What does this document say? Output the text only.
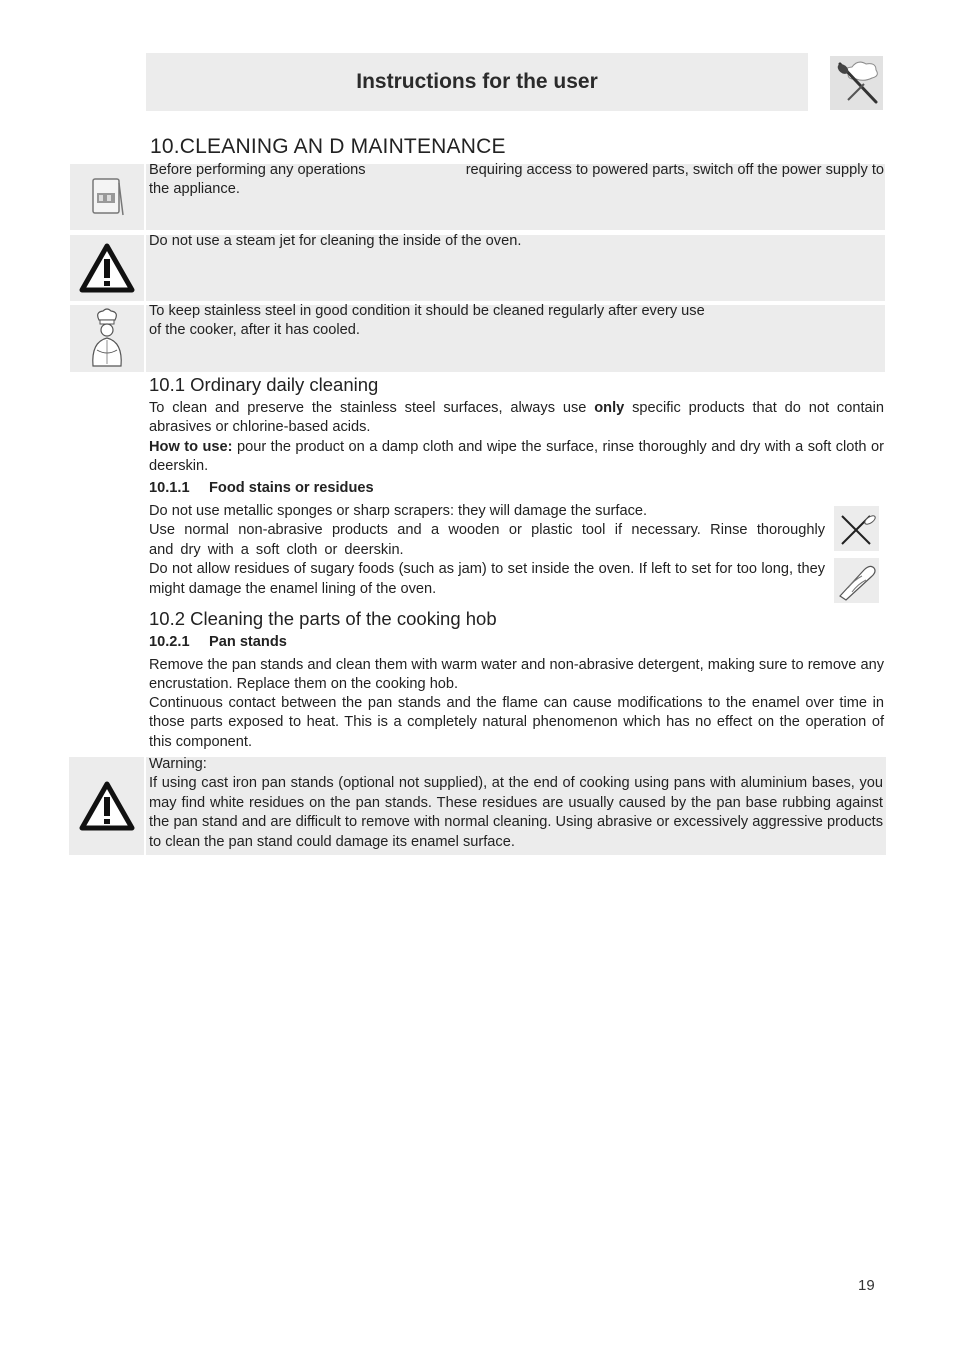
Instructions for the user
10.CLEANING AN D MAINTENANCE
Before performing any operations	requiring access to powered parts, switch off the power supply to
the appliance.
Do not use a steam jet for cleaning the inside of the oven.
To keep stainless steel in good condition it should be cleaned regularly after every use
of the cooker, after it has cooled.
10.1 Ordinary daily cleaning
To clean and preserve the stainless steel surfaces, always use only specific products that do not contain abrasives or chlorine-based acids.
How to use: pour the product on a damp cloth and wipe the surface, rinse thoroughly and dry with a soft cloth or deerskin.
10.1.1 Food stains or residues
Do not use metallic sponges or sharp scrapers: they will damage the surface.
Use normal non-abrasive products and a wooden or plastic tool if necessary. Rinse thoroughly and dry with a soft cloth or deerskin.
Do not allow residues of sugary foods (such as jam) to set inside the oven. If left to set for too long, they might damage the enamel lining of the oven.
10.2 Cleaning the parts of the cooking hob
10.2.1 Pan stands
Remove the pan stands and clean them with warm water and non-abrasive detergent, making sure to remove any encrustation. Replace them on the cooking hob.
Continuous contact between the pan stands and the flame can cause modifications to the enamel over time in those parts exposed to heat. This is a completely natural phenomenon which has no effect on the operation of this component.
Warning:
If using cast iron pan stands (optional not supplied), at the end of cooking using pans with aluminium bases, you may find white residues on the pan stands. These residues are usually caused by the pan base rubbing against the pan stand and are difficult to remove with normal cleaning. Using abrasive or excessively aggressive products to clean the pan stand could damage its enamel surface.
19
